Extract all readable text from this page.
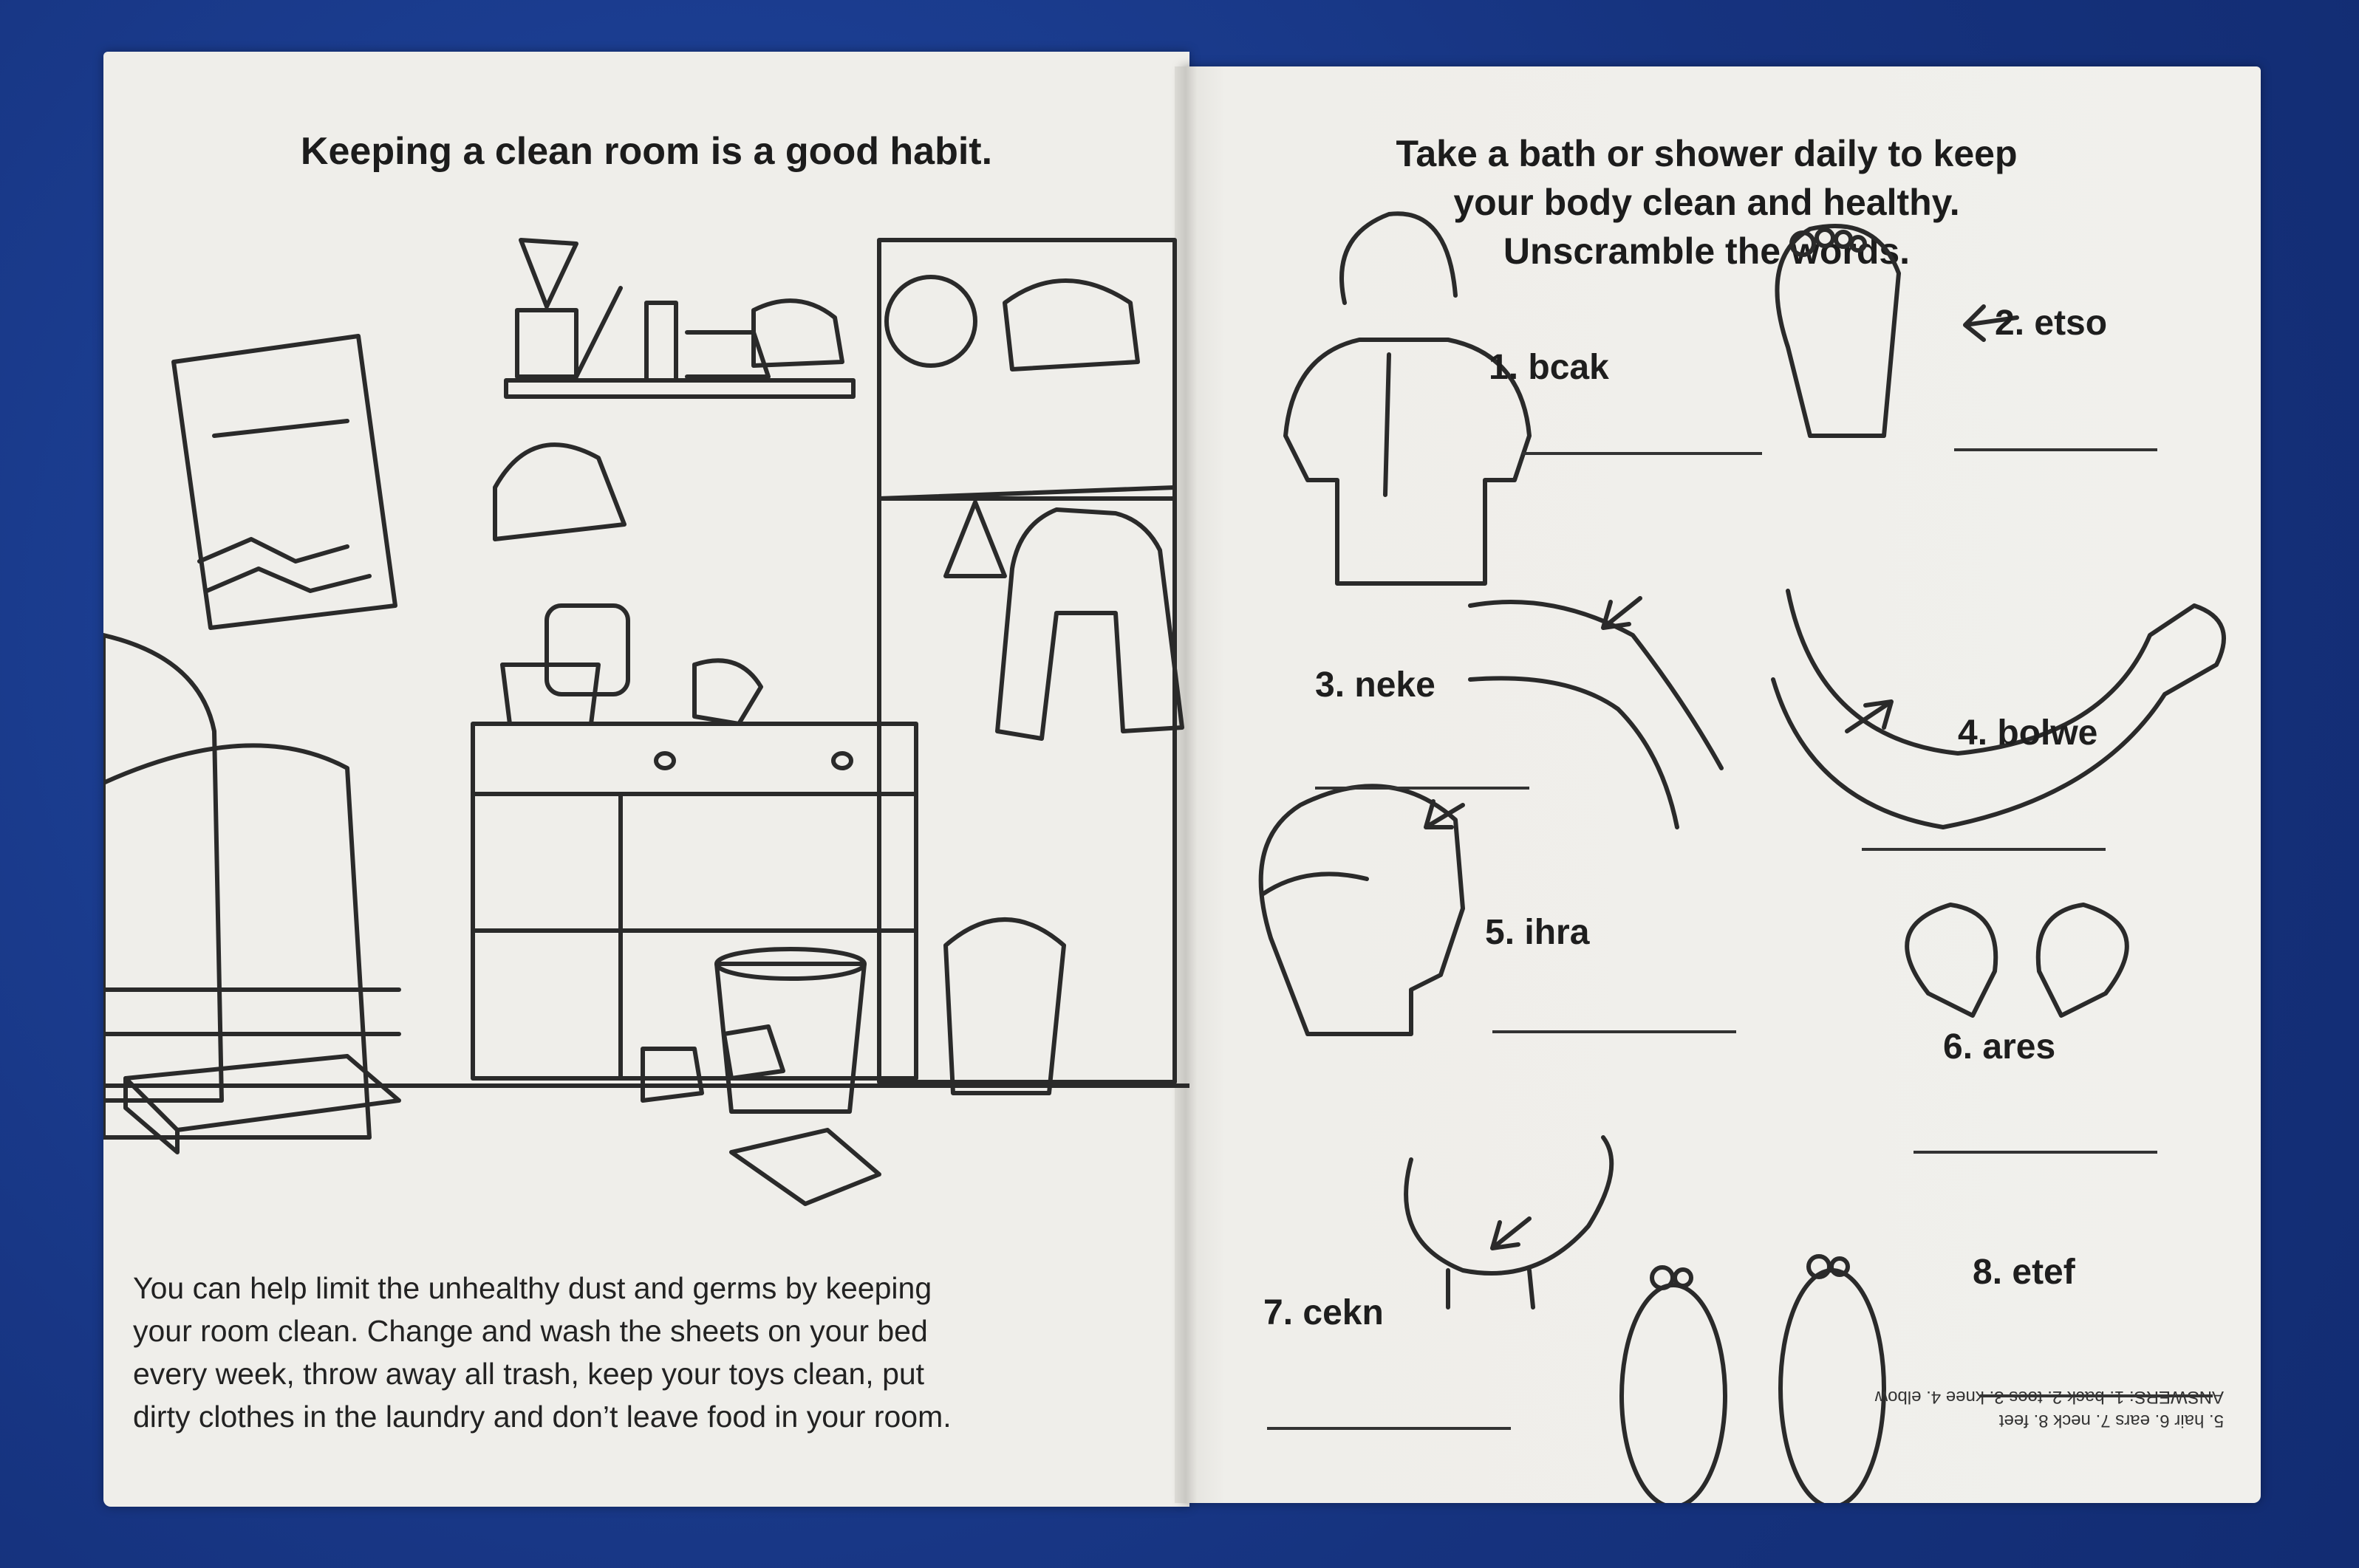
Keeping a clean room is a good habit.
You can help limit the unhealthy dust and germs by keeping
your room clean. Change and wash the sheets on your bed
every week, throw away all trash, keep your toys clean, put
dirty clothes in the laundry and don’t leave food in your room.
Take a bath or shower daily to keep
your body clean and healthy.
Unscramble the words.
1. bcak
2. etso
3. neke
4. bolwe
5. ihra
6. ares
7. cekn
8. etef
5. hair 6. ears 7. neck 8. feet
ANSWERS: 1. back 2. toes 3. knee 4. elbow
